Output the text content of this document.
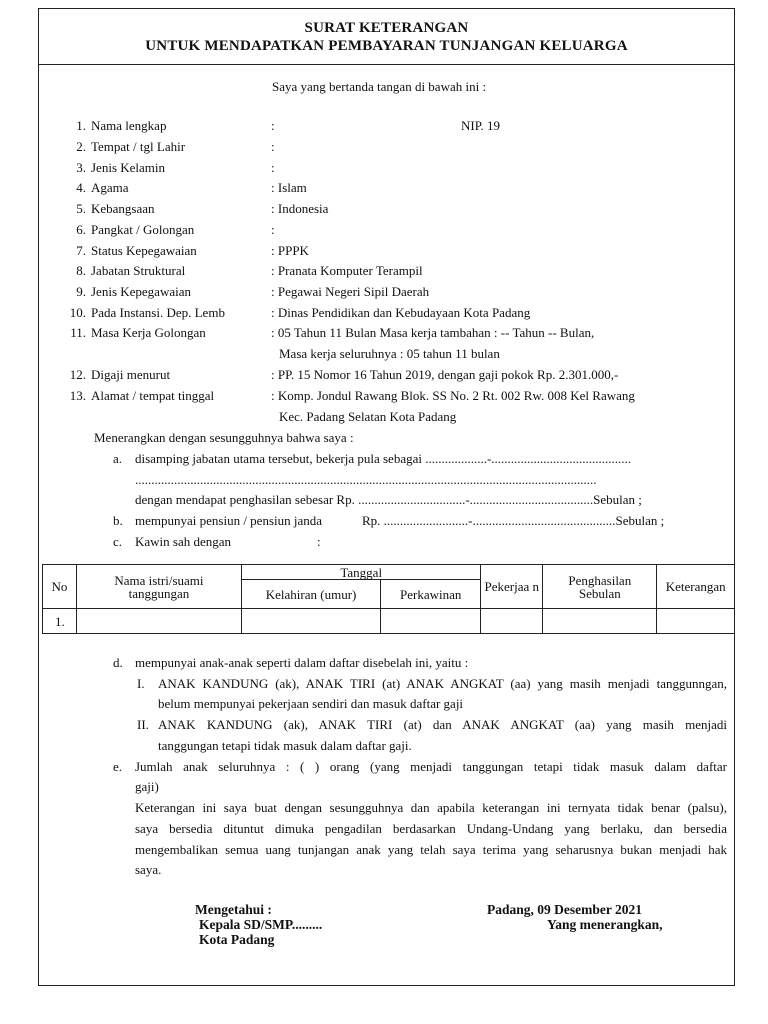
SURAT KETERANGAN
UNTUK MENDAPATKAN PEMBAYARAN TUNJANGAN KELUARGA
Saya yang bertanda tangan di bawah ini :
1. Nama lengkap	:	NIP. 19
2. Tempat / tgl Lahir	:
3. Jenis Kelamin	:
4. Agama	: Islam
5. Kebangsaan	: Indonesia
6. Pangkat / Golongan	:
7. Status Kepegawaian	: PPPK
8. Jabatan Struktural	: Pranata Komputer Terampil
9. Jenis Kepegawaian	: Pegawai Negeri Sipil Daerah
10. Pada Instansi. Dep. Lemb	: Dinas Pendidikan dan Kebudayaan Kota Padang
11. Masa Kerja Golongan	: 05 Tahun 11 Bulan Masa kerja tambahan : -- Tahun -- Bulan,
Masa kerja seluruhnya : 05 tahun 11 bulan
12. Digaji menurut	: PP. 15 Nomor 16 Tahun 2019, dengan gaji pokok Rp. 2.301.000,-
13. Alamat / tempat tinggal	: Komp. Jondul Rawang Blok. SS No. 2 Rt. 002 Rw. 008 Kel Rawang
Kec. Padang Selatan Kota Padang
Menerangkan dengan sesungguhnya bahwa saya :
a. disamping jabatan utama tersebut, bekerja pula sebagai ...................-...........................................
..............................................................................................................................................
dengan mendapat penghasilan sebesar Rp. .................................-......................................Sebulan ;
b. mempunyai pensiun / pensiun janda	Rp. ..........................-............................................Sebulan ;
c. Kawin sah dengan	:
No	Nama istri/suami tanggungan	Tanggal		Pekerjaa n	Penghasilan Sebulan	Keterangan
		Kelahiran (umur)	Perkawinan			
1.						
d. mempunyai anak-anak seperti dalam daftar disebelah ini, yaitu :
I. ANAK KANDUNG (ak), ANAK TIRI (at) ANAK ANGKAT (aa) yang masih menjadi tanggunngan,
belum mempunyai pekerjaan sendiri dan masuk daftar gaji
II. ANAK KANDUNG (ak), ANAK TIRI (at) dan ANAK ANGKAT (aa) yang masih menjadi
tanggungan tetapi tidak masuk dalam daftar gaji.
e. Jumlah anak seluruhnya : ( ) orang (yang menjadi tanggungan tetapi tidak masuk dalam daftar
gaji)
Keterangan ini saya buat dengan sesungguhnya dan apabila keterangan ini ternyata tidak benar (palsu),
saya bersedia dituntut dimuka pengadilan berdasarkan Undang-Undang yang berlaku, dan bersedia
mengembalikan semua uang tunjangan anak yang telah saya terima yang seharusnya bukan menjadi hak
saya.
Mengetahui :
Kepala SD/SMP.........
Kota Padang
Padang, 09 Desember 2021
Yang menerangkan,
